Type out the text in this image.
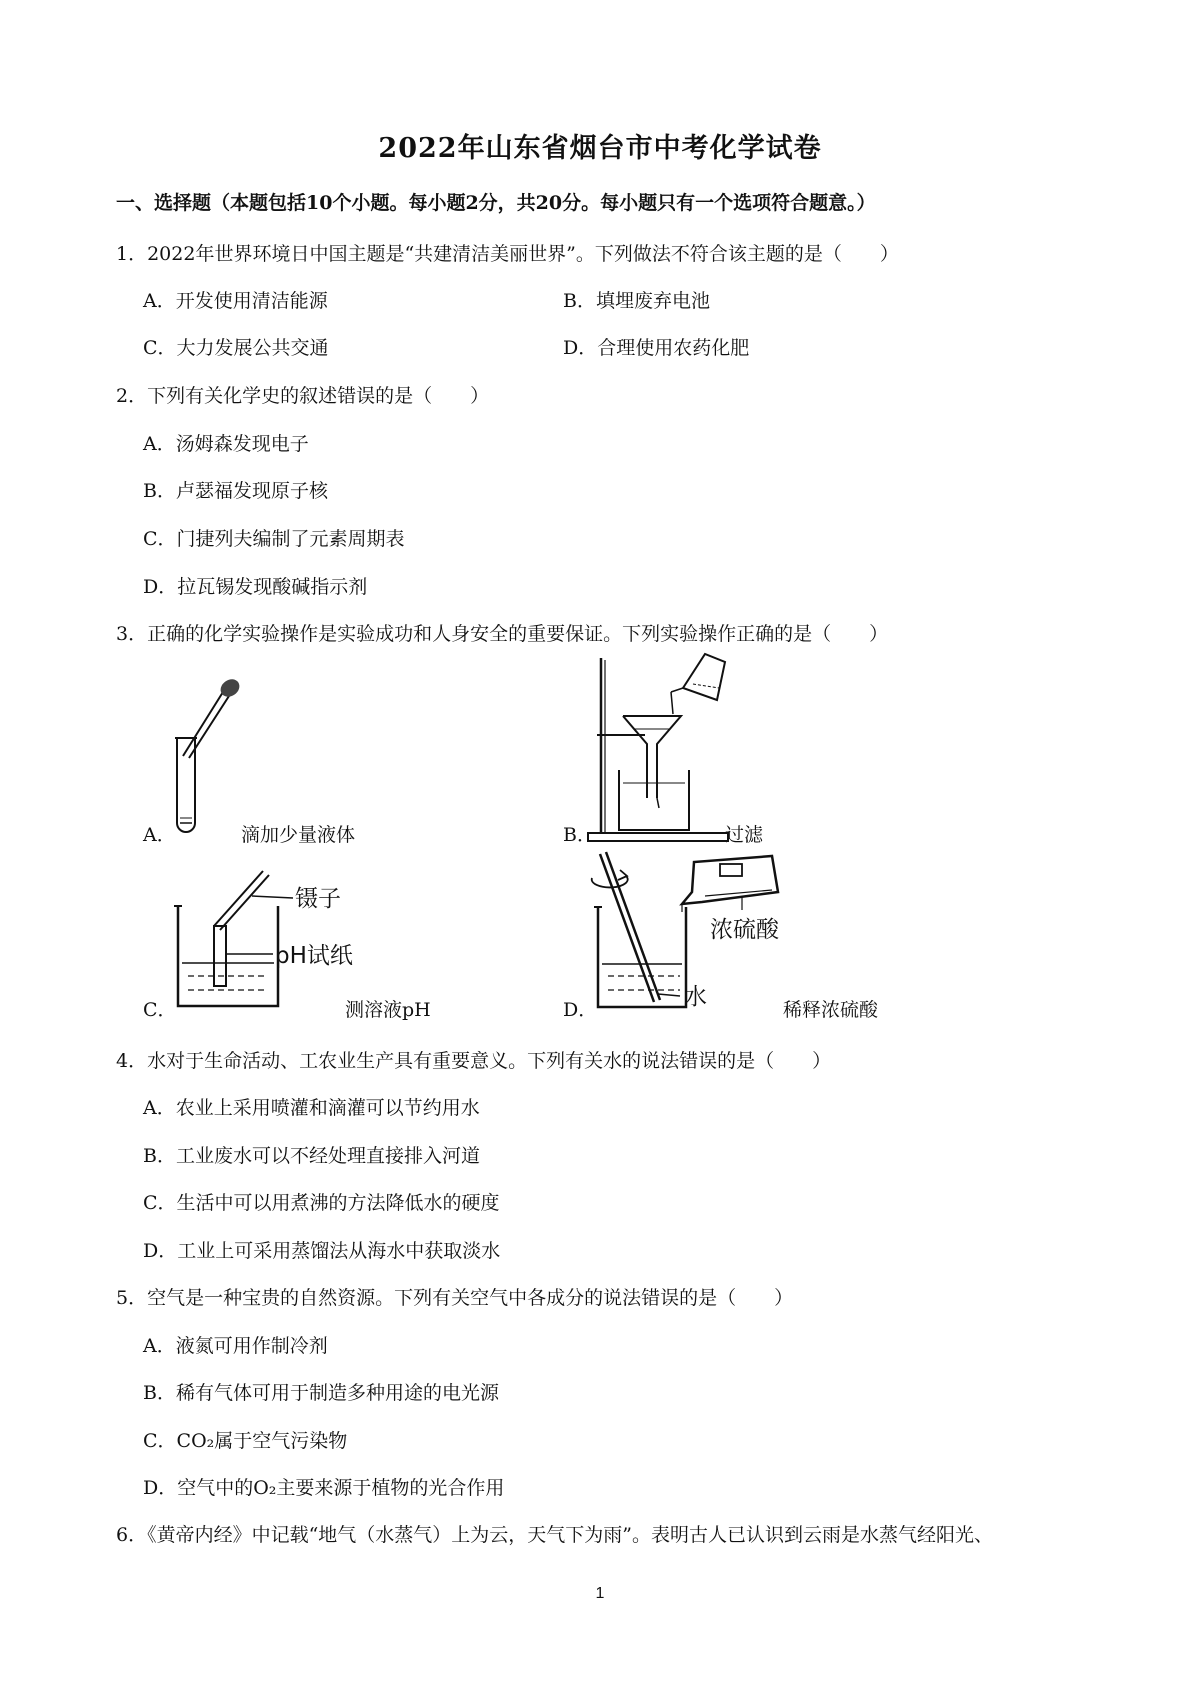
2022年山东省烟台市中考化学试卷
一、选择题（本题包括10个小题。每小题2分，共20分。每小题只有一个选项符合题意。）
1．2022年世界环境日中国主题是“共建清洁美丽世界”。下列做法不符合该主题的是（　　）
A．开发使用清洁能源	B．填埋废弃电池
C．大力发展公共交通	D．合理使用农药化肥
2．下列有关化学史的叙述错误的是（　　）
A．汤姆森发现电子
B．卢瑟福发现原子核
C．门捷列夫编制了元素周期表
D．拉瓦锡发现酸碱指示剂
3．正确的化学实验操作是实验成功和人身安全的重要保证。下列实验操作正确的是（　　）
A．	滴加少量液体	B．	过滤
镊子
pH试纸
C．	测溶液pH
浓硫酸
水
D．	稀释浓硫酸
4．水对于生命活动、工农业生产具有重要意义。下列有关水的说法错误的是（　　）
A．农业上采用喷灌和滴灌可以节约用水
B．工业废水可以不经处理直接排入河道
C．生活中可以用煮沸的方法降低水的硬度
D．工业上可采用蒸馏法从海水中获取淡水
5．空气是一种宝贵的自然资源。下列有关空气中各成分的说法错误的是（　　）
A．液氮可用作制冷剂
B．稀有气体可用于制造多种用途的电光源
C．CO₂属于空气污染物
D．空气中的O₂主要来源于植物的光合作用
6．《黄帝内经》中记载“地气（水蒸气）上为云，天气下为雨”。表明古人已认识到云雨是水蒸气经阳光、
1
